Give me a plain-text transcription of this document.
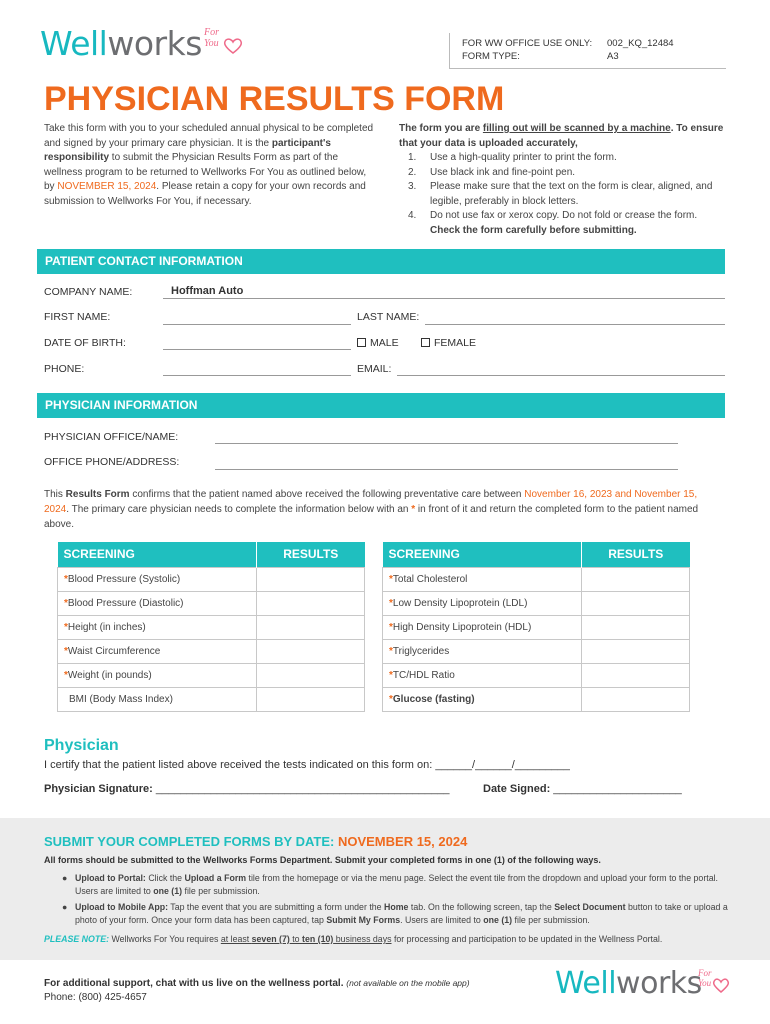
Wellworks For You	FOR WW OFFICE USE ONLY: 002_KQ_12484
FORM TYPE:	A3
PHYSICIAN RESULTS FORM
Take this form with you to your scheduled annual physical to be completed and signed by your primary care physician. It is the participant's responsibility to submit the Physician Results Form as part of the wellness program to be returned to Wellworks For You as outlined below, by NOVEMBER 15, 2024. Please retain a copy for your own records and submission to Wellworks For You, if necessary.
The form you are filling out will be scanned by a machine. To ensure that your data is uploaded accurately,
1. Use a high-quality printer to print the form.
2. Use black ink and fine-point pen.
3. Please make sure that the text on the form is clear, aligned, and legible, preferably in block letters.
4. Do not use fax or xerox copy. Do not fold or crease the form.
Check the form carefully before submitting.
PATIENT CONTACT INFORMATION
COMPANY NAME:	Hoffman Auto
FIRST NAME:	LAST NAME:
DATE OF BIRTH:	MALE	FEMALE
PHONE:	EMAIL:
PHYSICIAN INFORMATION
PHYSICIAN OFFICE/NAME:
OFFICE PHONE/ADDRESS:
This Results Form confirms that the patient named above received the following preventative care between November 16, 2023 and November 15, 2024. The primary care physician needs to complete the information below with an * in front of it and return the completed form to the patient named above.
SCREENING	RESULTS
*Blood Pressure (Systolic)	
*Blood Pressure (Diastolic)	
*Height (in inches)	
*Waist Circumference	
*Weight (in pounds)	
BMI (Body Mass Index)	
SCREENING	RESULTS
*Total Cholesterol	
*Low Density Lipoprotein (LDL)	
*High Density Lipoprotein (HDL)	
*Triglycerides	
*TC/HDL Ratio	
*Glucose (fasting)	
Physician
I certify that the patient listed above received the tests indicated on this form on: ______/______/_________
Physician Signature: ________________________________________________	Date Signed: _____________________
SUBMIT YOUR COMPLETED FORMS BY DATE: NOVEMBER 15, 2024
All forms should be submitted to the Wellworks Forms Department. Submit your completed forms in one (1) of the following ways.
● Upload to Portal: Click the Upload a Form tile from the homepage or via the menu page. Select the event tile from the dropdown and upload your form to the portal. Users are limited to one (1) file per submission.
● Upload to Mobile App: Tap the event that you are submitting a form under the Home tab. On the following screen, tap the Select Document button to take or upload a photo of your form. Once your form data has been captured, tap Submit My Forms. Users are limited to one (1) file per submission.
PLEASE NOTE: Wellworks For You requires at least seven (7) to ten (10) business days for processing and participation to be updated in the Wellness Portal.
For additional support, chat with us live on the wellness portal. (not available on the mobile app)
Phone: (800) 425-4657	Wellworks
For You
